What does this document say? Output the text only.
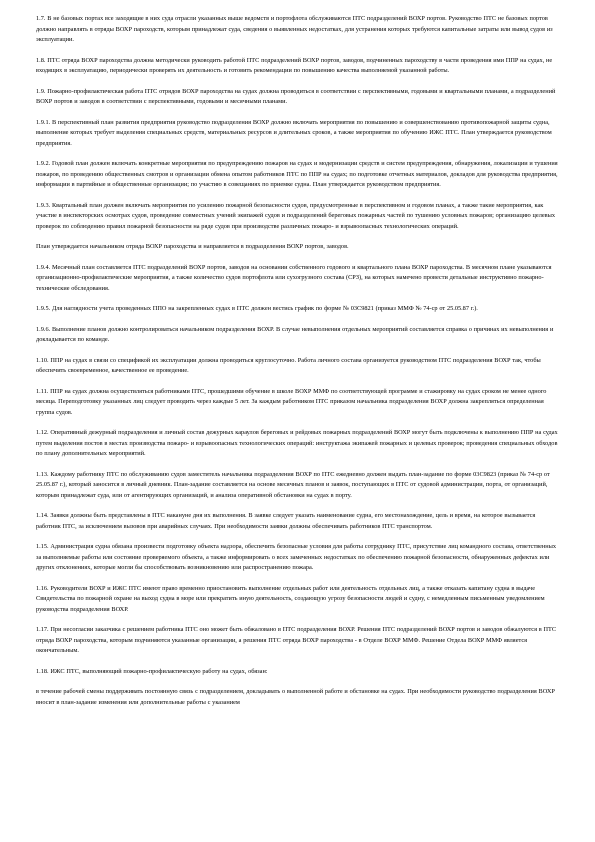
1.7. В не базовых портах все заходящие в них суда отрасли указанных выше ведомств и портофлота обслуживаются ПТС подразделений ВОХР портов. Руководство ПТС не базовых портов должно направлять в отряды ВОХР пароходств, которым принадлежат суда, сведения о выявленных недостатках, для устранения которых требуются капитальные затраты или вывод судов из эксплуатации.

1.8. ПТС отряда ВОХР пароходства должна методически руководить работой ПТС подразделений ВОХР портов, заводов, подчиненных пароходству в части проведения ими ППР на судах, не входящих в эксплуатацию, периодически проверять их деятельность и готовить рекомендации по повышению качества выполняемой указанной работы.

1.9. Пожарно-профилактическая работа ПТС отрядов ВОХР пароходства на судах должна проводиться в соответствии с перспективными, годовыми и квартальными планами, а подразделений ВОХР портов и заводов в соответствии с перспективными, годовыми и месячными планами.

1.9.1. В перспективный план развития предприятия руководство подразделения ВОХР должно включать мероприятия по повышению и совершенствованию противопожарной защиты судна, выполнение которых требует выделения специальных средств, материальных ресурсов и длительных сроков, а также мероприятия по обучению ИЖС ПТС. План утверждается руководством предприятия.

1.9.2. Годовой план должен включать конкретные мероприятия по предупреждению пожаров на судах и модернизации средств и систем предупреждения, обнаружения, локализации и тушения пожаров, по проведению общественных смотров и организации обмена опытом работников ПТС по ППР на судах; по подготовке отчетных материалов, докладов для руководства предприятия, информации в партийные и общественные организации; по участию в совещаниях по приемке судна. План утверждается руководством предприятия.

1.9.3. Квартальный план должен включать мероприятия по усилению пожарной безопасности судов, предусмотренные в перспективном и годовом планах, а также такие мероприятия, как участие в инспекторских осмотрах судов, проведение совместных учений экипажей судов и подразделений береговых пожарных частей по тушению условных пожаров; организацию целевых проверок по соблюдению правил пожарной безопасности на ряде судов при производстве различных пожаро- и взрывоопасных технологических операций.

План утверждается начальником отряда ВОХР пароходства и направляется в подразделения ВОХР портов, заводов.

1.9.4. Месячный план составляется ПТС подразделений ВОХР портов, заводов на основании собственного годового и квартального плана ВОХР пароходства. В месячном плане указываются организационно-профилактические мероприятия, а также количество судов портофлота или сухогрузного состава (СРЗ), на которых намечено провести детальные инструктивно пожарно-технические обследования.

1.9.5. Для наглядности учета проведенных ППО на закрепленных судах в ПТС должен вестись график по форме № 03С9821 (приказ ММФ № 74-ср от 25.05.87 г.).

1.9.6. Выполнение планов должно контролироваться начальником подразделения ВОХР. В случае невыполнения отдельных мероприятий составляется справка о причинах их невыполнения и докладывается по команде.

1.10. ППР на судах в связи со спецификой их эксплуатации должна проводиться круглосуточно. Работа личного состава организуется руководством ПТС подразделения ВОХР так, чтобы обеспечить своевременное, качественное ее проведение.

1.11. ППР на судах должна осуществляться работниками ПТС, прошедшими обучение в школе ВОХР ММФ по соответствующей программе и стажировку на судах сроком не менее одного месяца. Переподготовку указанных лиц следует проводить через каждые 5 лет. За каждым работником ПТС приказом начальника подразделения ВОХР должна закрепляться определенная группа судов.

1.12. Оперативный дежурный подразделения и личный состав дежурных караулов береговых и рейдовых пожарных подразделений ВОХР могут быть подключены к выполнению ППР на судах путем выделения постов в местах производства пожаро- и взрывоопасных технологических операций: инструктажа экипажей пожарных и целевых проверок; проведения специальных обходов по плану дополнительных мероприятий.

1.13. Каждому работнику ПТС по обслуживанию судов заместитель начальника подразделения ВОХР по ПТС ежедневно должен выдать план-задание по форме 03С9823 (приказ № 74-ср от 25.05.87 г.), который заносится в личный дневник. План-задание составляется на основе месячных планов и заявок, поступающих в ПТС от судовой администрации, порта, от организаций, которым принадлежат суда, или от агентирующих организаций, и анализа оперативной обстановки на судах в порту.

1.14. Заявки должны быть представлены в ПТС накануне дня их выполнения. В заявке следует указать наименование судна, его местонахождение, цель и время, на которое вызывается работник ПТС, за исключением вызовов при аварийных случаях. При необходимости заявки должны обеспечивать работников ПТС транспортом.

1.15. Администрация судна обязана произвести подготовку объекта надзора, обеспечить безопасные условия для работы сотруднику ПТС, присутствие лиц командного состава, ответственных за выполняемые работы или состояние проверяемого объекта, а также информировать о всех замеченных недостатках по обеспечению пожарной безопасности, обнаруженных дефектах или других отклонениях, которые могли бы способствовать возникновению или распространению пожара.

1.16. Руководители ВОХР и ИЖС ПТС имеют право временно приостановить выполнение отдельных работ или деятельность отдельных лиц, а также отказать капитану судна в выдаче Свидетельства по пожарной охране на выход судна в море или прекратить иную деятельность, создающую угрозу безопасности людей и судну, с немедленным письменным уведомлением руководства подразделения ВОХР.

1.17. При несогласии заказчика с решением работника ПТС оно может быть обжаловано в ПТС подразделения ВОХР. Решения ПТС подразделений ВОХР портов и заводов обжалуются в ПТС отряда ВОХР пароходства, которым подчиняются указанные организации, а решения ПТС отряда ВОХР пароходства - в Отделе ВОХР ММФ. Решение Отдела ВОХР ММФ является окончательным.

1.18. ИЖС ПТС, выполняющий пожарно-профилактическую работу на судах, обязан:

в течение рабочей смены поддерживать постоянную связь с подразделением, докладывать о выполненной работе и обстановке на судах. При необходимости руководство подразделения ВОХР вносит в план-задание изменения или дополнительные работы с указанием
